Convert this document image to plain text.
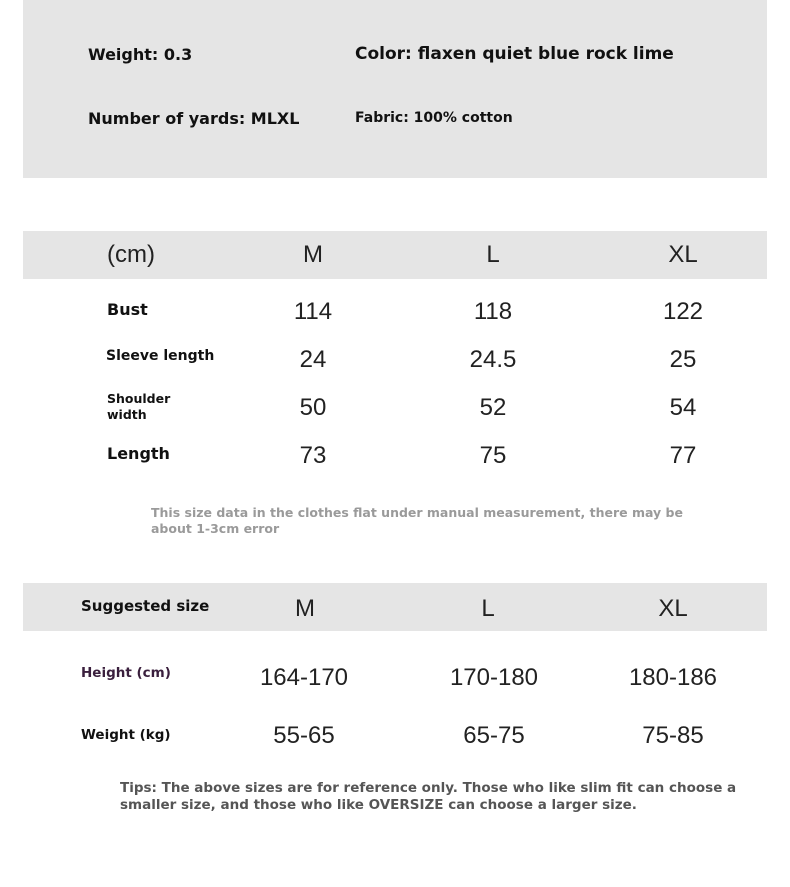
Weight: 0.3	Color: flaxen quiet blue rock lime
Number of yards: MLXL	Fabric: 100% cotton
(cm)	M	L	XL
Bust	114	118	122
Sleeve length	24	24.5	25
Shoulder
width	50	52	54
Length	73	75	77
This size data in the clothes flat under manual measurement, there may be
about 1-3cm error
Suggested size	M	L	XL
Height (cm)	164-170	170-180	180-186
Weight (kg)	55-65	65-75	75-85
Tips: The above sizes are for reference only. Those who like slim fit can choose a
smaller size, and those who like OVERSIZE can choose a larger size.
